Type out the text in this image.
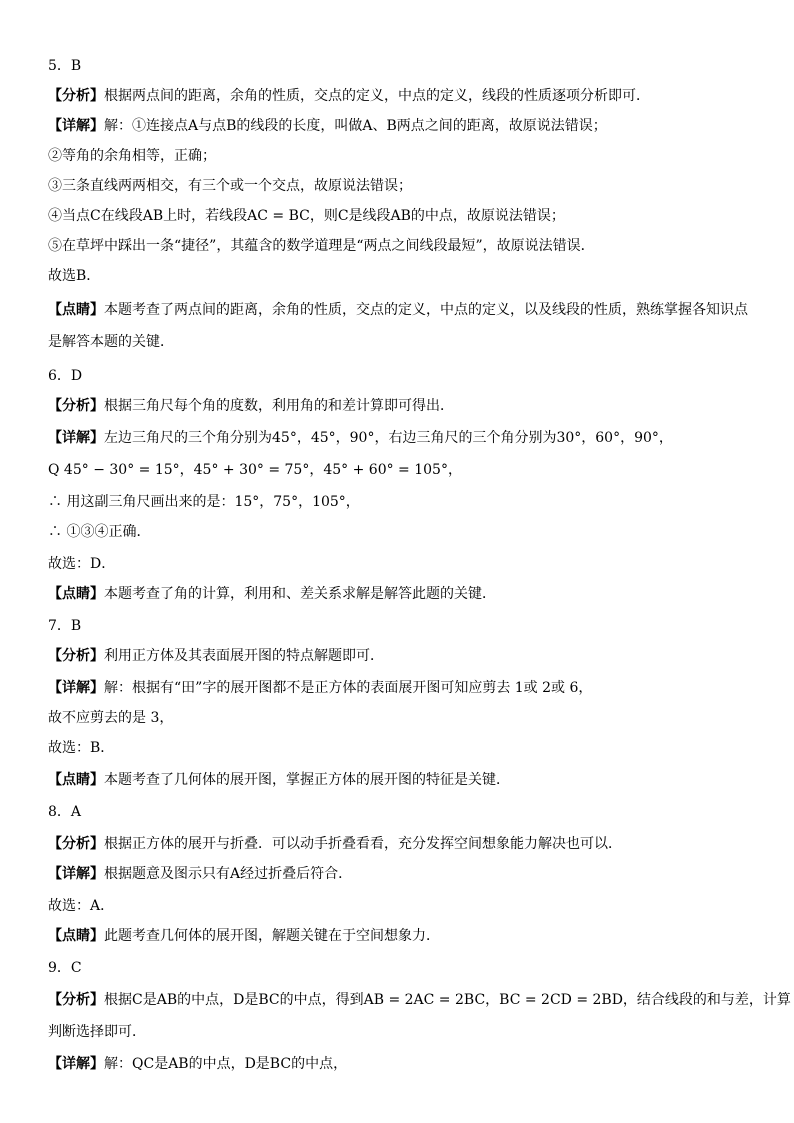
5．B
【分析】根据两点间的距离，余角的性质，交点的定义，中点的定义，线段的性质逐项分析即可．
【详解】解：①连接点A与点B的线段的长度，叫做A、B两点之间的距离，故原说法错误；
②等角的余角相等，正确；
③三条直线两两相交，有三个或一个交点，故原说法错误；
④当点C在线段AB上时，若线段AC = BC，则C是线段AB的中点，故原说法错误；
⑤在草坪中踩出一条“捷径”，其蕴含的数学道理是“两点之间线段最短”，故原说法错误．
故选B．
【点睛】本题考查了两点间的距离，余角的性质，交点的定义，中点的定义，以及线段的性质，熟练掌握各知识点
是解答本题的关键．
6．D
【分析】根据三角尺每个角的度数，利用角的和差计算即可得出．
【详解】左边三角尺的三个角分别为45°，45°，90°，右边三角尺的三个角分别为30°，60°，90°，
Q 45° − 30° = 15°，45° + 30° = 75°，45° + 60° = 105°，
∴ 用这副三角尺画出来的是：15°，75°，105°，
∴ ①③④正确．
故选：D．
【点睛】本题考查了角的计算，利用和、差关系求解是解答此题的关键．
7．B
【分析】利用正方体及其表面展开图的特点解题即可．
【详解】解：根据有“田”字的展开图都不是正方体的表面展开图可知应剪去 1或 2或 6，
故不应剪去的是 3，
故选：B．
【点睛】本题考查了几何体的展开图，掌握正方体的展开图的特征是关键．
8．A
【分析】根据正方体的展开与折叠．可以动手折叠看看，充分发挥空间想象能力解决也可以．
【详解】根据题意及图示只有A经过折叠后符合．
故选：A．
【点睛】此题考查几何体的展开图，解题关键在于空间想象力．
9．C
【分析】根据C是AB的中点，D是BC的中点，得到AB = 2AC = 2BC，BC = 2CD = 2BD，结合线段的和与差，计算
判断选择即可．
【详解】解：QC是AB的中点，D是BC的中点，
